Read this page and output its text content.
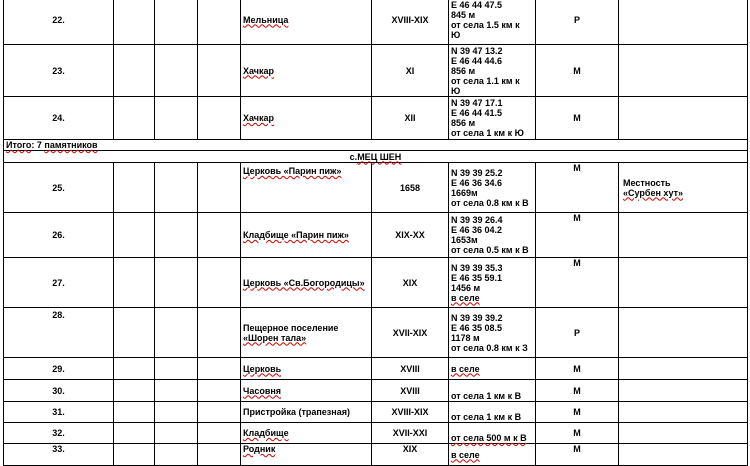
22.				Мельница	XVIII-XIX	E 46 44 47.5
845 м
от села 1.5 км к
Ю	Р	
23.				Хачкар	XI	N 39 47 13.2
E 46 44 44.6
856 м
от села 1.1 км к
Ю	М	
24.				Хачкар	XII	N 39 47 17.1
E 46 44 41.5
856 м
от села 1 км к Ю	М	
Итого: 7 памятников								
с.МЕЦ ШЕН								
25.				Церковь «Парин пиж»	1658	N 39 39 25.2
E 46 36 34.6
1669м
от села 0.8 км к В	М	Местность
«Сурбен хут»

26.				Кладбище «Парин пиж»	XIX-XX	N 39 39 26.4
E 46 36 04.2
1653м
от села 0.5 км к В	М	
27.				Церковь «Св.Богородицы»	XIX	N 39 39 35.3
E 46 35 59.1
1456 м
в селе	М	
28.				Пещерное поселение
«Шорен тала»	XVII-XIX	N 39 39 39.2
E 46 35 08.5
1178 м
от села 0.8 км к З	Р	
29.				Церковь	XVIII	в селе	М	
30.				Часовня	XVIII	от села 1 км к В	М	
31.				Пристройка (трапезная)	XVIII-XIX	от села 1 км к В	М	
32.				Кладбище	XVII-XXI	от села 500 м к В	М	
33.				Родник	XIX	в селе	М	
